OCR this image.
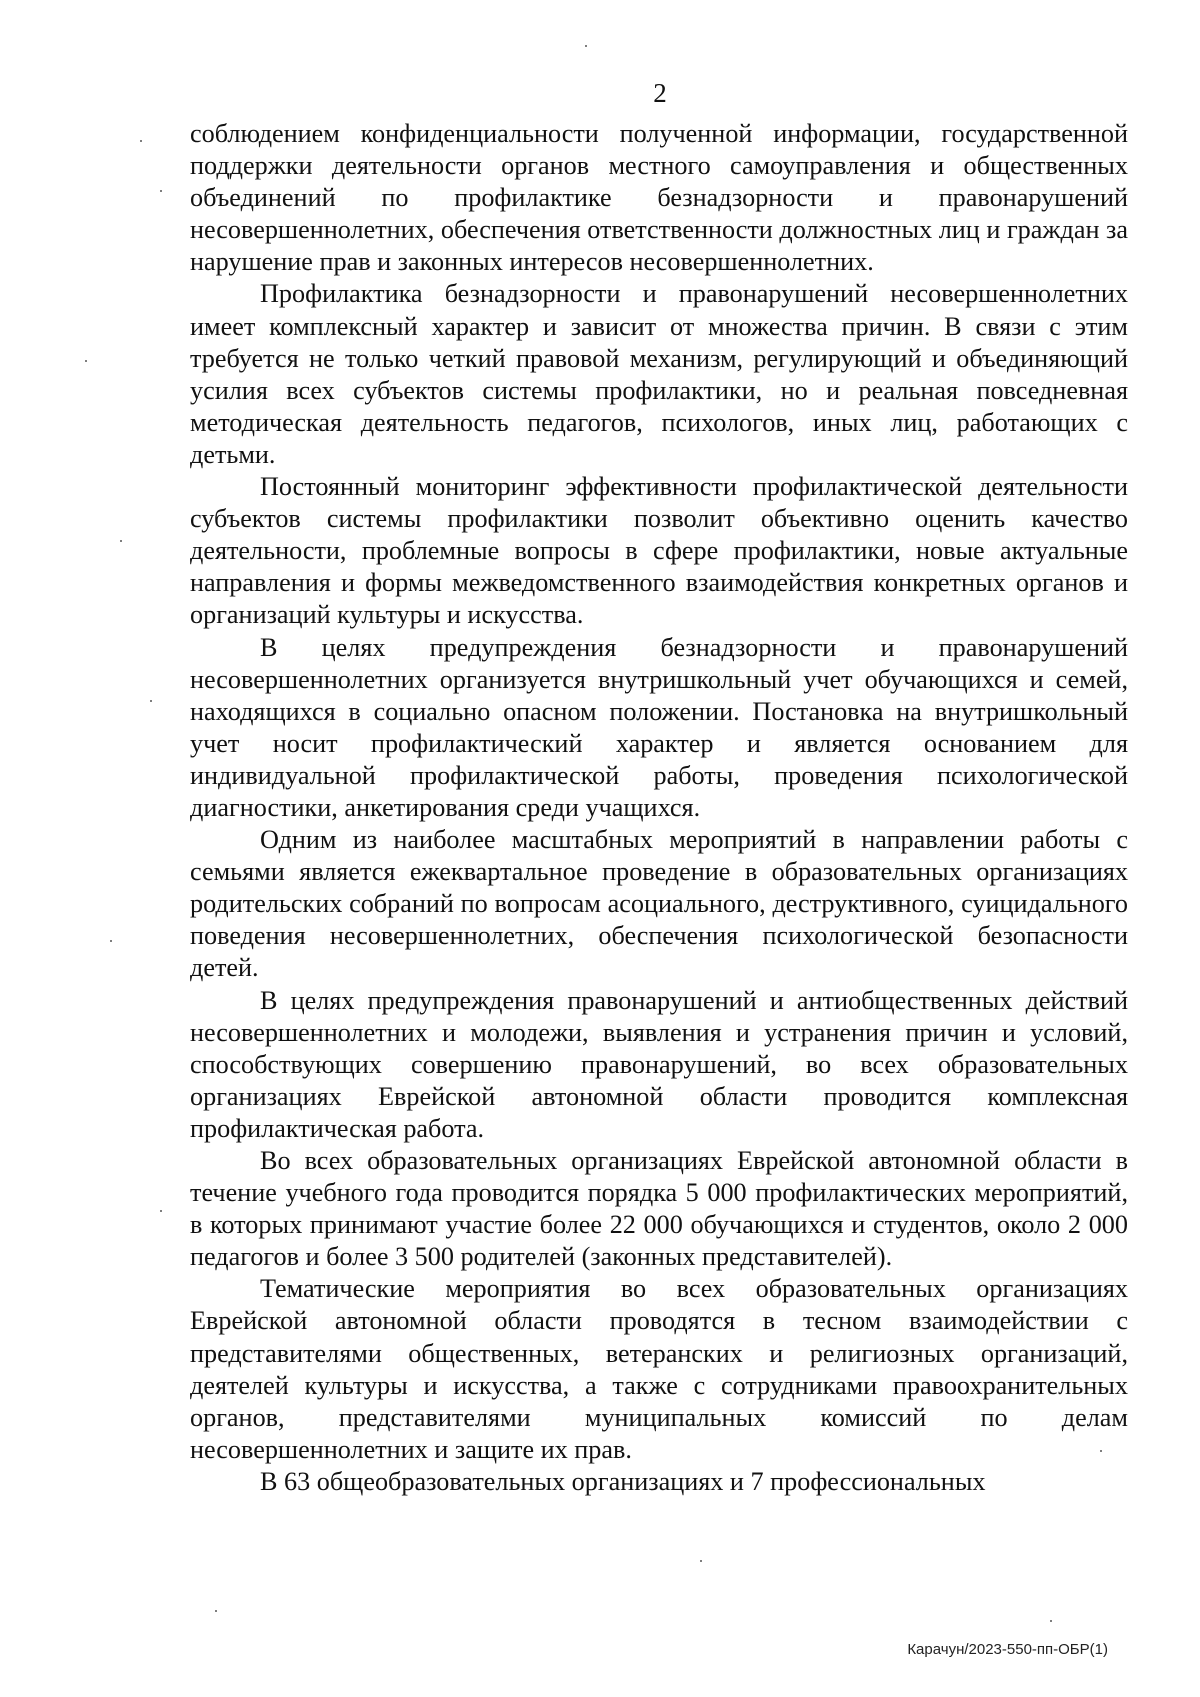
2

соблюдением конфиденциальности полученной информации, государственной поддержки деятельности органов местного самоуправления и общественных объединений по профилактике безнадзорности и правонарушений несовершеннолетних, обеспечения ответственности должностных лиц и граждан за нарушение прав и законных интересов несовершеннолетних.

Профилактика безнадзорности и правонарушений несовершеннолетних имеет комплексный характер и зависит от множества причин. В связи с этим требуется не только четкий правовой механизм, регулирующий и объединяющий усилия всех субъектов системы профилактики, но и реальная повседневная методическая деятельность педагогов, психологов, иных лиц, работающих с детьми.

Постоянный мониторинг эффективности профилактической деятельности субъектов системы профилактики позволит объективно оценить качество деятельности, проблемные вопросы в сфере профилактики, новые актуальные направления и формы межведомственного взаимодействия конкретных органов и организаций культуры и искусства.

В целях предупреждения безнадзорности и правонарушений несовершеннолетних организуется внутришкольный учет обучающихся и семей, находящихся в социально опасном положении. Постановка на внутришкольный учет носит профилактический характер и является основанием для индивидуальной профилактической работы, проведения психологической диагностики, анкетирования среди учащихся.

Одним из наиболее масштабных мероприятий в направлении работы с семьями является ежеквартальное проведение в образовательных организациях родительских собраний по вопросам асоциального, деструктивного, суицидального поведения несовершеннолетних, обеспечения психологической безопасности детей.

В целях предупреждения правонарушений и антиобщественных действий несовершеннолетних и молодежи, выявления и устранения причин и условий, способствующих совершению правонарушений, во всех образовательных организациях Еврейской автономной области проводится комплексная профилактическая работа.

Во всех образовательных организациях Еврейской автономной области в течение учебного года проводится порядка 5 000 профилактических мероприятий, в которых принимают участие более 22 000 обучающихся и студентов, около 2 000 педагогов и более 3 500 родителей (законных представителей).

Тематические мероприятия во всех образовательных организациях Еврейской автономной области проводятся в тесном взаимодействии с представителями общественных, ветеранских и религиозных организаций, деятелей культуры и искусства, а также с сотрудниками правоохранительных органов, представителями муниципальных комиссий по делам несовершеннолетних и защите их прав.

В 63 общеобразовательных организациях и 7 профессиональных

Карачун/2023-550-пп-ОБР(1)
